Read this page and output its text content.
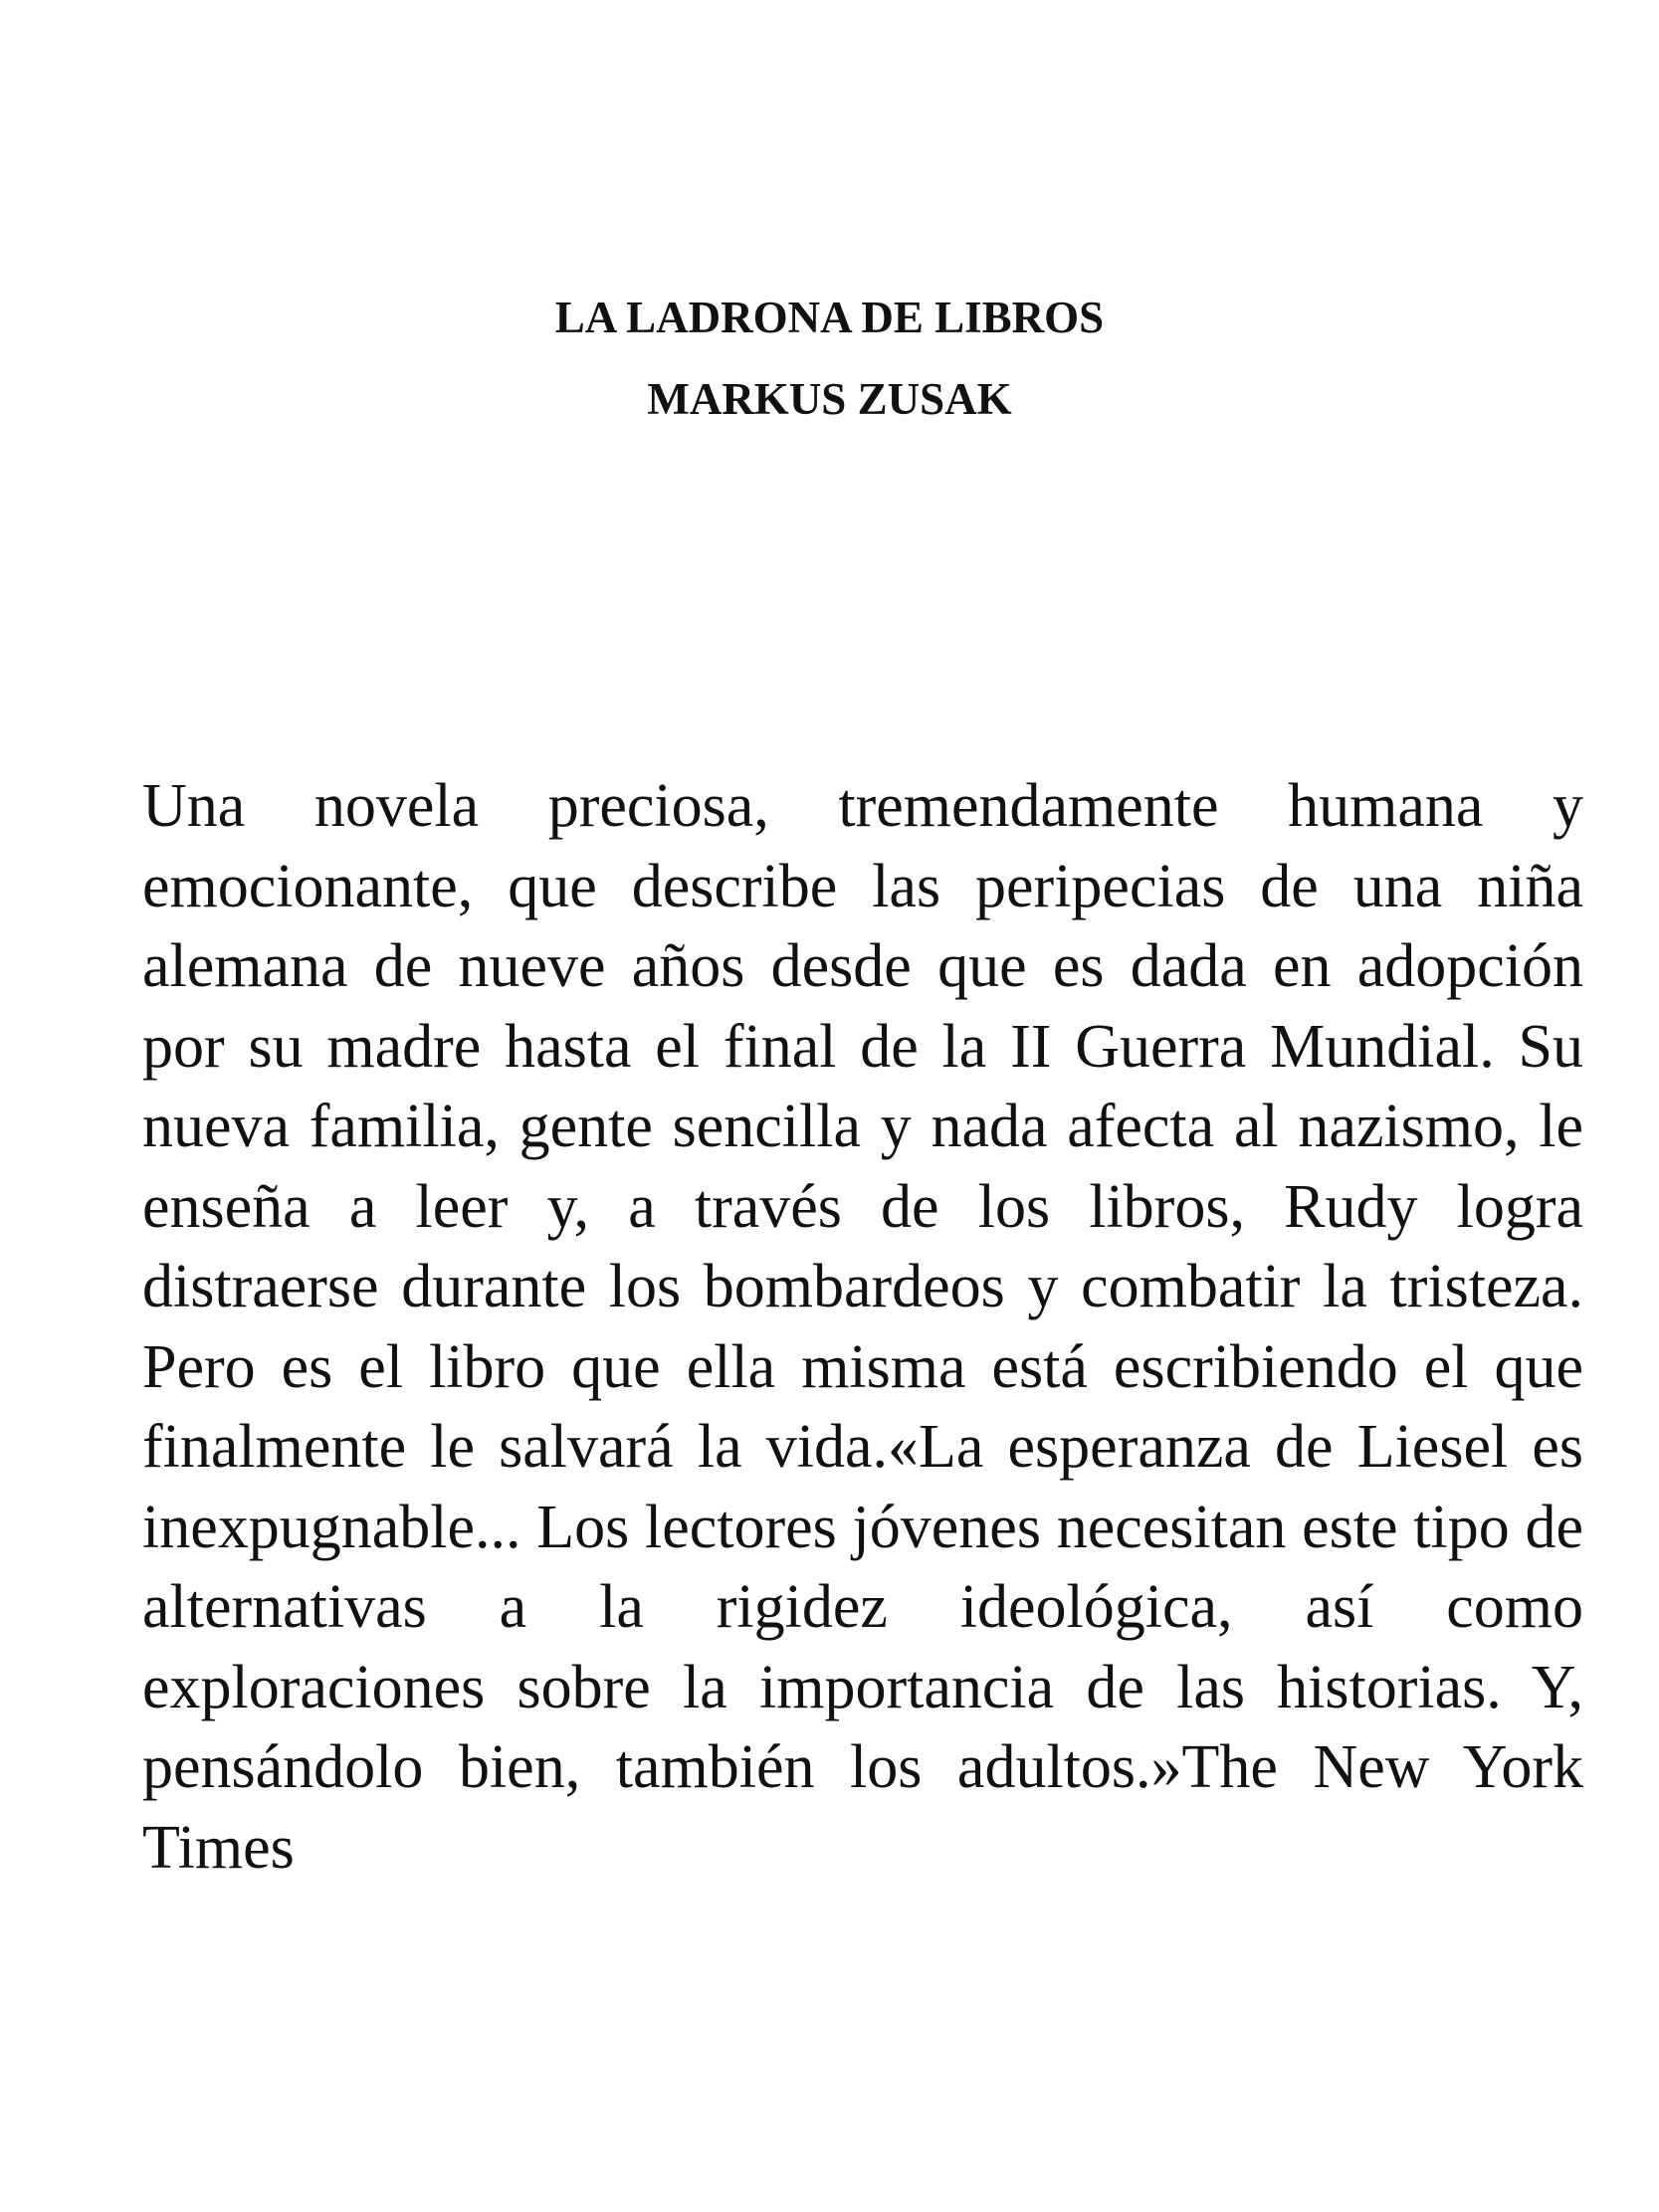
LA LADRONA DE LIBROS
MARKUS ZUSAK

Una novela preciosa, tremendamente humana y emocionante, que describe las peripecias de una niña alemana de nueve años desde que es dada en adopción por su madre hasta el final de la II Guerra Mundial. Su nueva familia, gente sencilla y nada afecta al nazismo, le enseña a leer y, a través de los libros, Rudy logra distraerse durante los bombardeos y combatir la tristeza. Pero es el libro que ella misma está escribiendo el que finalmente le salvará la vida.«La esperanza de Liesel es inexpugnable... Los lectores jóvenes necesitan este tipo de alternativas a la rigidez ideológica, así como exploraciones sobre la importancia de las historias. Y, pensándolo bien, también los adultos.»The New York Times
